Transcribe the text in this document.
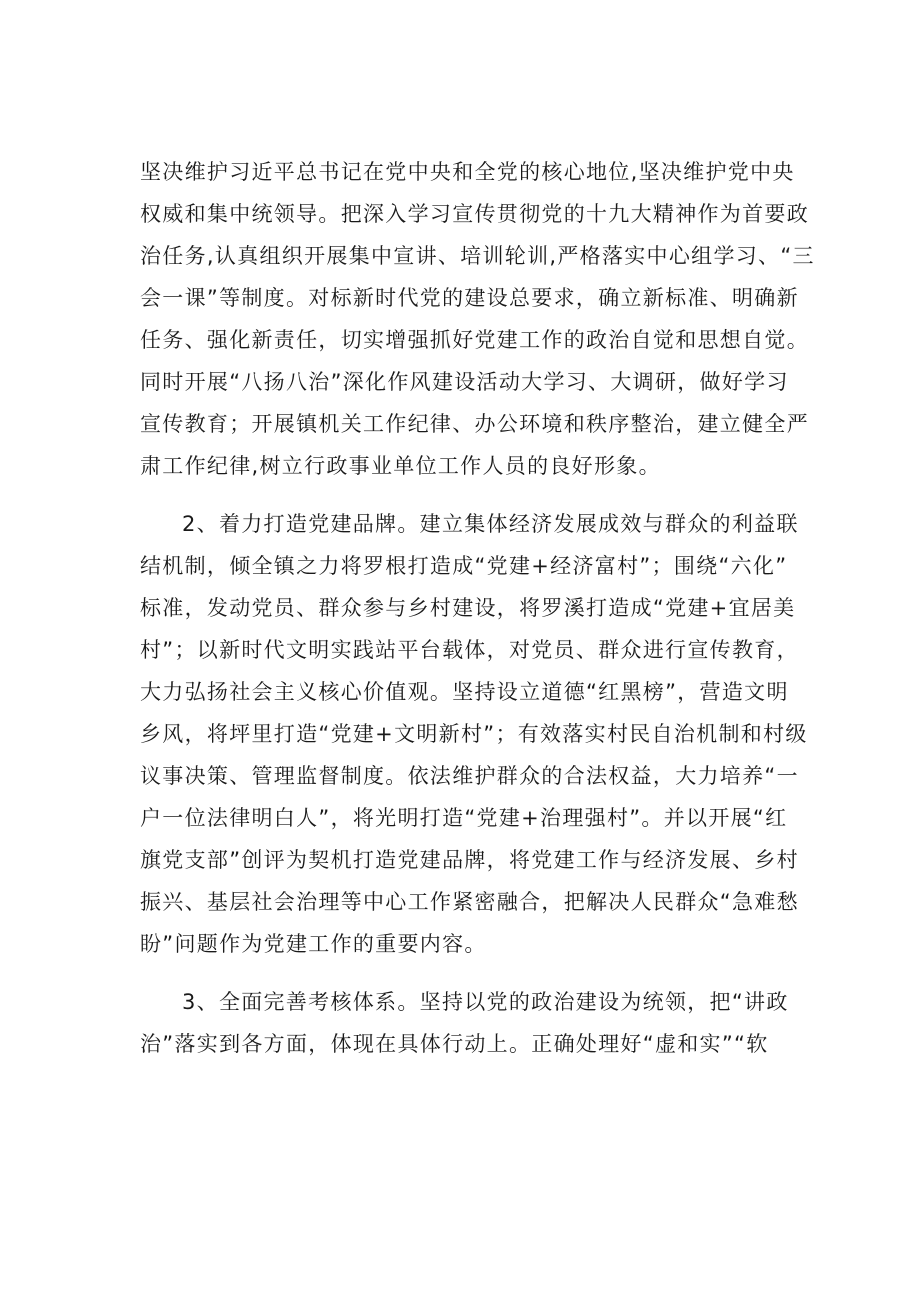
坚决维护习近平总书记在党中央和全党的核心地位,坚决维护党中央
权威和集中统领导。把深入学习宣传贯彻党的十九大精神作为首要政
治任务,认真组织开展集中宣讲、培训轮训,严格落实中心组学习、“三
会一课”等制度。对标新时代党的建设总要求，确立新标准、明确新
任务、强化新责任，切实增强抓好党建工作的政治自觉和思想自觉。
同时开展“八扬八治”深化作风建设活动大学习、大调研，做好学习
宣传教育；开展镇机关工作纪律、办公环境和秩序整治，建立健全严
肃工作纪律,树立行政事业单位工作人员的良好形象。
2、着力打造党建品牌。建立集体经济发展成效与群众的利益联
结机制，倾全镇之力将罗根打造成“党建+经济富村”；围绕“六化”
标准，发动党员、群众参与乡村建设，将罗溪打造成“党建+宜居美
村”；以新时代文明实践站平台载体，对党员、群众进行宣传教育，
大力弘扬社会主义核心价值观。坚持设立道德“红黑榜”，营造文明
乡风，将坪里打造“党建+文明新村”；有效落实村民自治机制和村级
议事决策、管理监督制度。依法维护群众的合法权益，大力培养“一
户一位法律明白人”，将光明打造“党建+治理强村”。并以开展“红
旗党支部”创评为契机打造党建品牌，将党建工作与经济发展、乡村
振兴、基层社会治理等中心工作紧密融合，把解决人民群众“急难愁
盼”问题作为党建工作的重要内容。
3、全面完善考核体系。坚持以党的政治建设为统领，把“讲政
治”落实到各方面，体现在具体行动上。正确处理好“虚和实”“软
